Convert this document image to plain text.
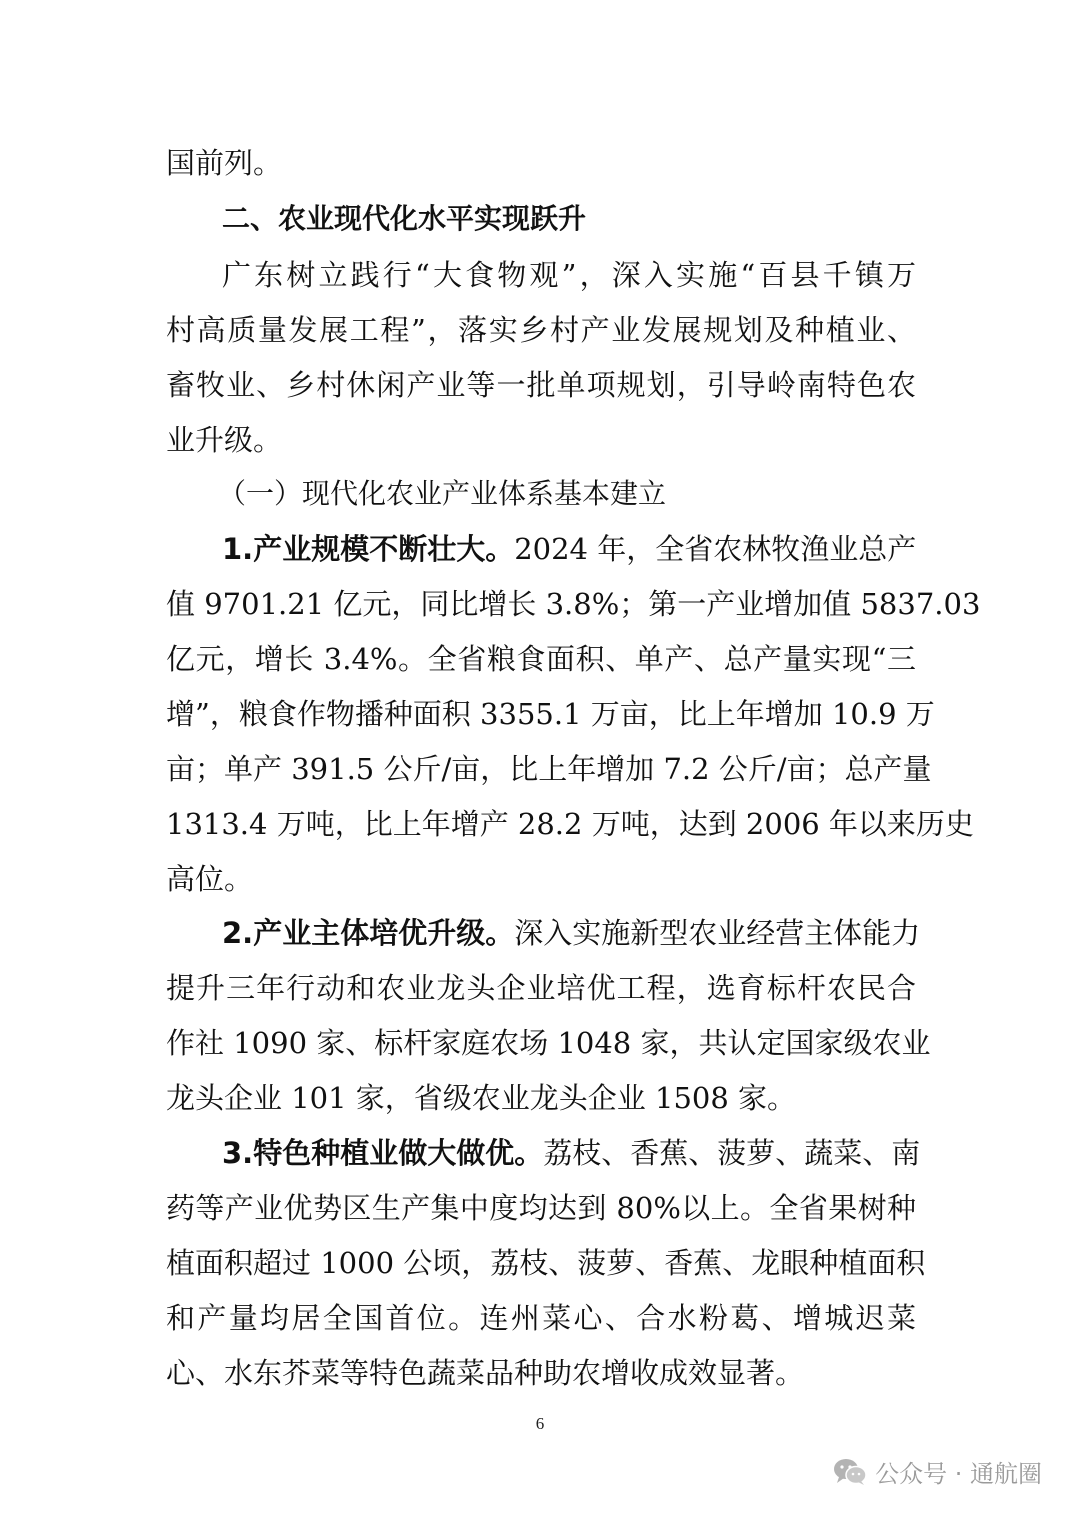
国前列。
二、农业现代化水平实现跃升
广东树立践行“大食物观”，深入实施“百县千镇万
村高质量发展工程”，落实乡村产业发展规划及种植业、
畜牧业、乡村休闲产业等一批单项规划，引导岭南特色农
业升级。
（一）现代化农业产业体系基本建立
1.产业规模不断壮大。2024 年，全省农林牧渔业总产
值 9701.21 亿元，同比增长 3.8%；第一产业增加值 5837.03
亿元，增长 3.4%。全省粮食面积、单产、总产量实现“三
增”，粮食作物播种面积 3355.1 万亩，比上年增加 10.9 万
亩；单产 391.5 公斤/亩，比上年增加 7.2 公斤/亩；总产量
1313.4 万吨，比上年增产 28.2 万吨，达到 2006 年以来历史
高位。
2.产业主体培优升级。深入实施新型农业经营主体能力
提升三年行动和农业龙头企业培优工程，选育标杆农民合
作社 1090 家、标杆家庭农场 1048 家，共认定国家级农业
龙头企业 101 家，省级农业龙头企业 1508 家。
3.特色种植业做大做优。荔枝、香蕉、菠萝、蔬菜、南
药等产业优势区生产集中度均达到 80%以上。全省果树种
植面积超过 1000 公顷，荔枝、菠萝、香蕉、龙眼种植面积
和产量均居全国首位。连州菜心、合水粉葛、增城迟菜
心、水东芥菜等特色蔬菜品种助农增收成效显著。
6
公众号 · 通航圈
